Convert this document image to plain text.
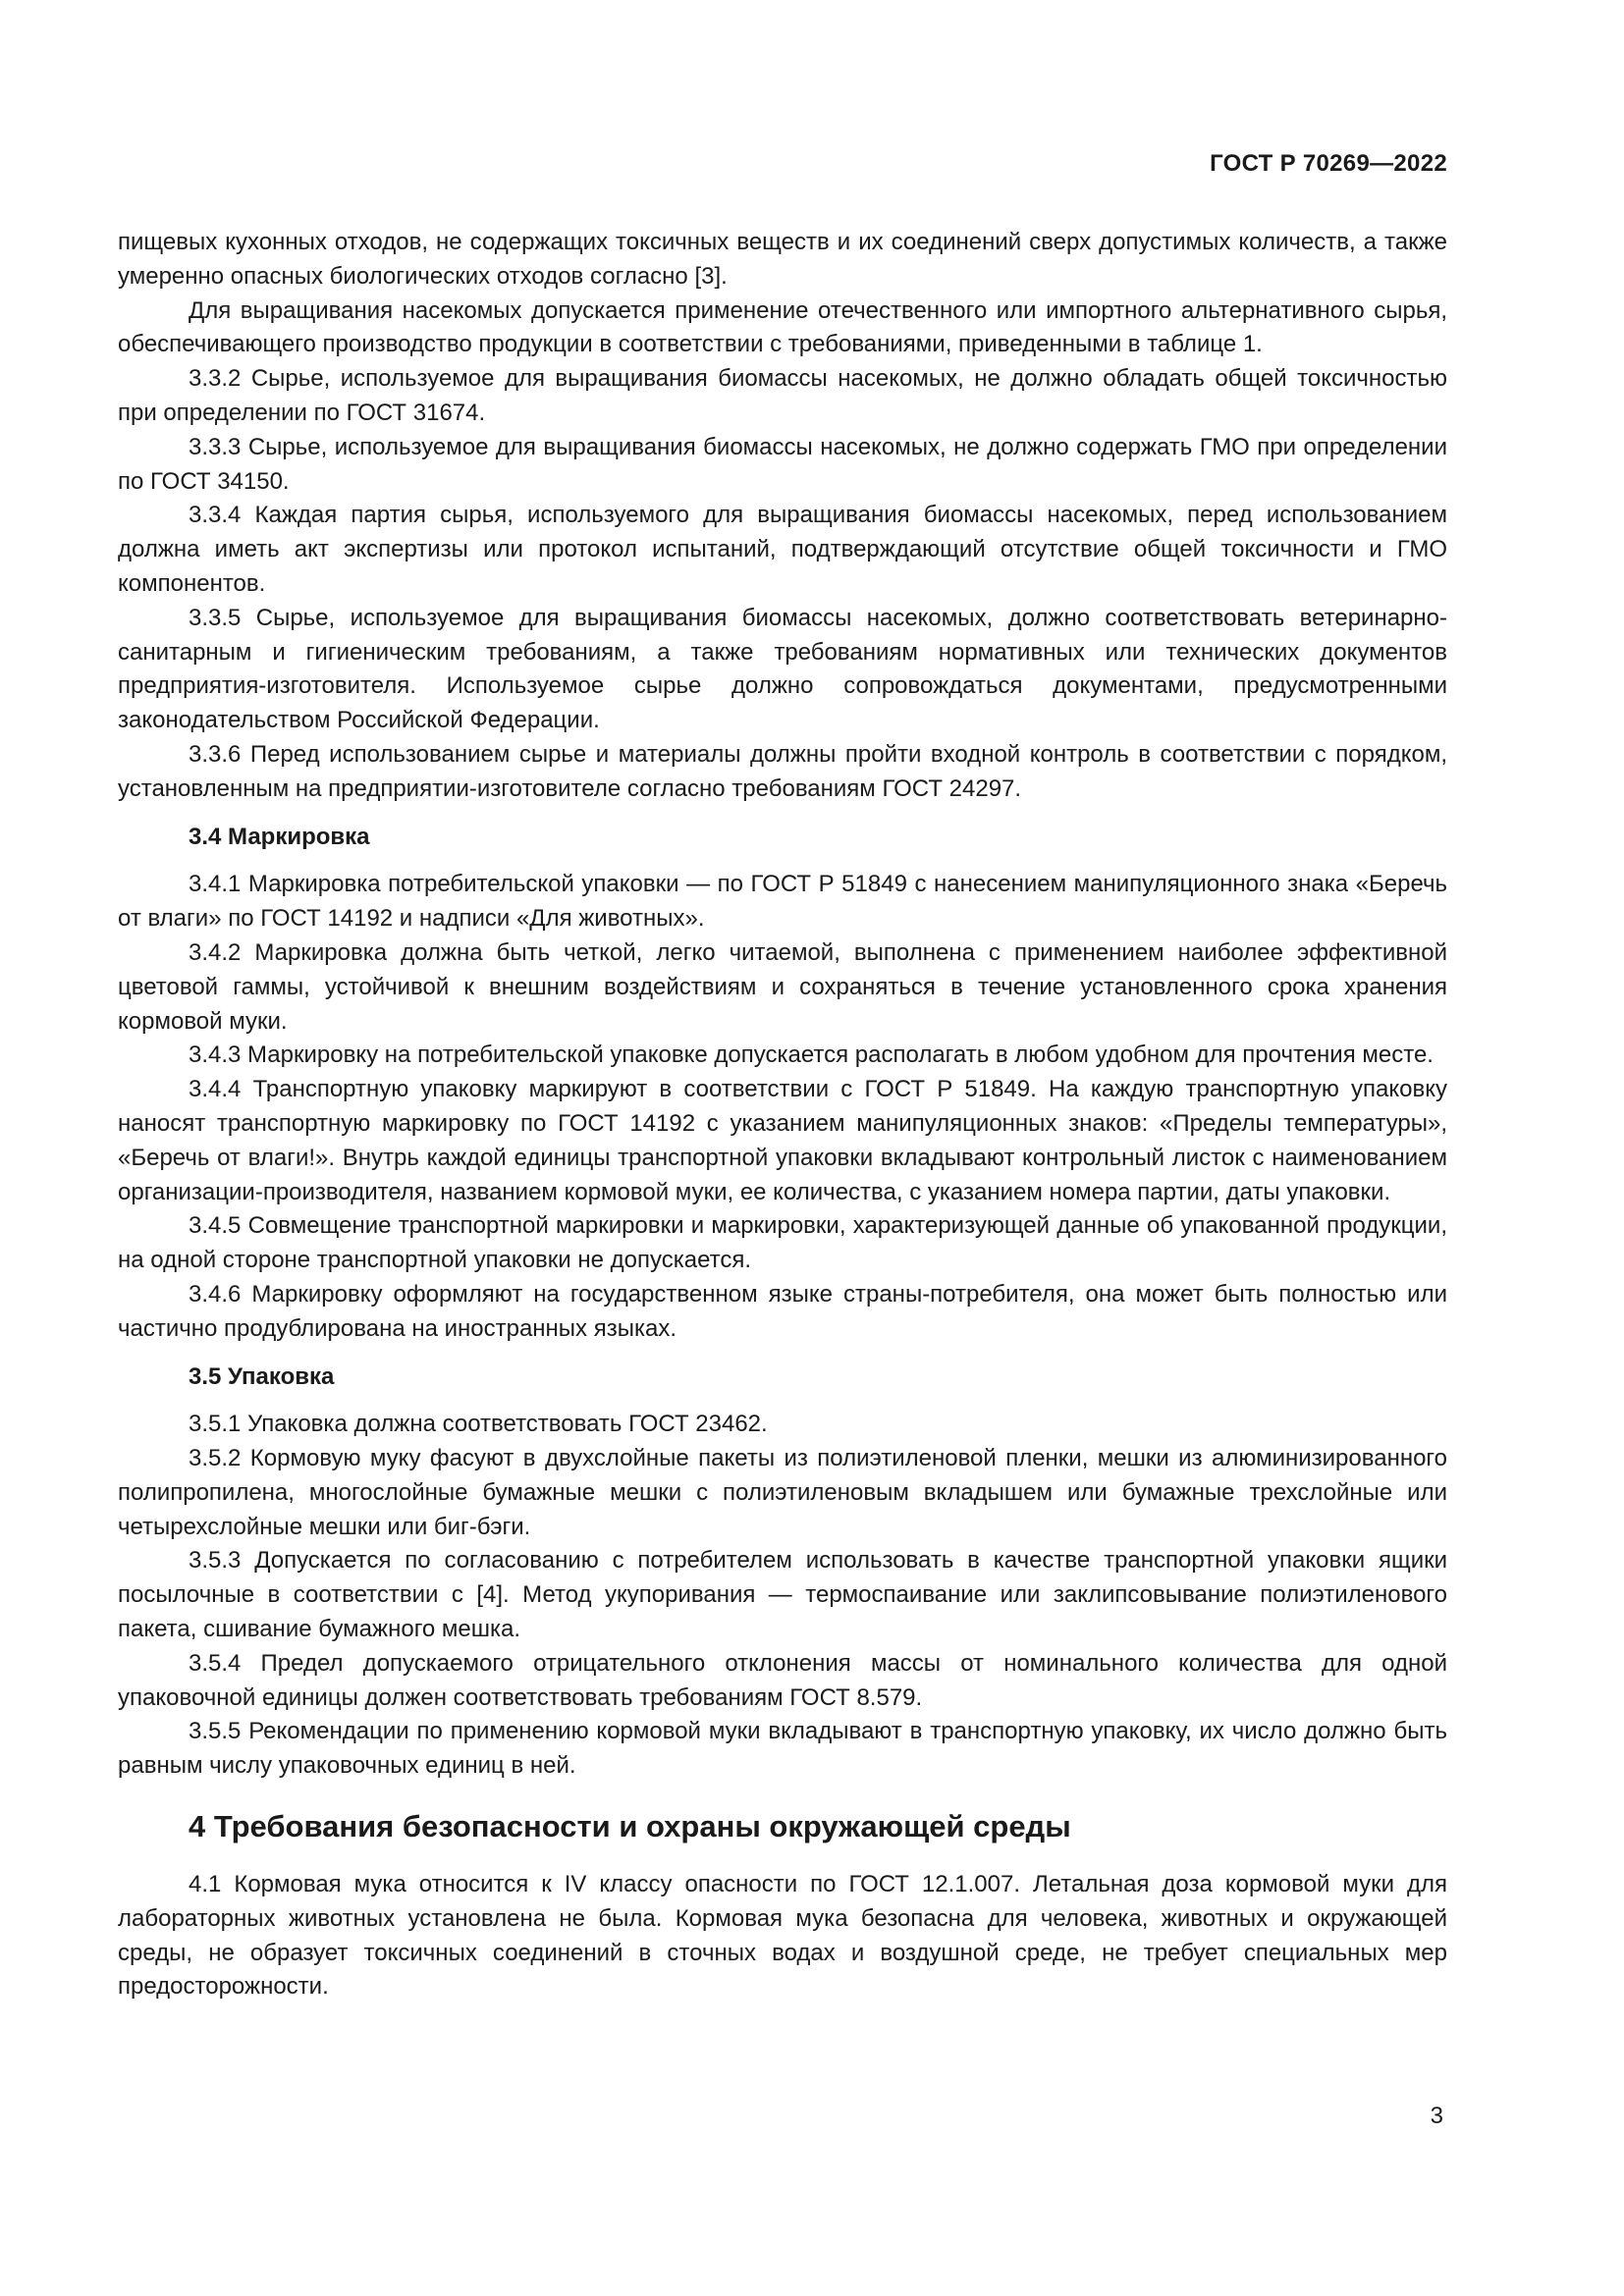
ГОСТ Р 70269—2022

пищевых кухонных отходов, не содержащих токсичных веществ и их соединений сверх допустимых количеств, а также умеренно опасных биологических отходов согласно [3].

Для выращивания насекомых допускается применение отечественного или импортного альтернативного сырья, обеспечивающего производство продукции в соответствии с требованиями, приведенными в таблице 1.

3.3.2 Сырье, используемое для выращивания биомассы насекомых, не должно обладать общей токсичностью при определении по ГОСТ 31674.

3.3.3 Сырье, используемое для выращивания биомассы насекомых, не должно содержать ГМО при определении по ГОСТ 34150.

3.3.4 Каждая партия сырья, используемого для выращивания биомассы насекомых, перед использованием должна иметь акт экспертизы или протокол испытаний, подтверждающий отсутствие общей токсичности и ГМО компонентов.

3.3.5 Сырье, используемое для выращивания биомассы насекомых, должно соответствовать ветеринарно-санитарным и гигиеническим требованиям, а также требованиям нормативных или технических документов предприятия-изготовителя. Используемое сырье должно сопровождаться документами, предусмотренными законодательством Российской Федерации.

3.3.6 Перед использованием сырье и материалы должны пройти входной контроль в соответствии с порядком, установленным на предприятии-изготовителе согласно требованиям ГОСТ 24297.

3.4 Маркировка

3.4.1 Маркировка потребительской упаковки — по ГОСТ Р 51849 с нанесением манипуляционного знака «Беречь от влаги» по ГОСТ 14192 и надписи «Для животных».

3.4.2 Маркировка должна быть четкой, легко читаемой, выполнена с применением наиболее эффективной цветовой гаммы, устойчивой к внешним воздействиям и сохраняться в течение установленного срока хранения кормовой муки.

3.4.3 Маркировку на потребительской упаковке допускается располагать в любом удобном для прочтения месте.

3.4.4 Транспортную упаковку маркируют в соответствии с ГОСТ Р 51849. На каждую транспортную упаковку наносят транспортную маркировку по ГОСТ 14192 с указанием манипуляционных знаков: «Пределы температуры», «Беречь от влаги!». Внутрь каждой единицы транспортной упаковки вкладывают контрольный листок с наименованием организации-производителя, названием кормовой муки, ее количества, с указанием номера партии, даты упаковки.

3.4.5 Совмещение транспортной маркировки и маркировки, характеризующей данные об упакованной продукции, на одной стороне транспортной упаковки не допускается.

3.4.6 Маркировку оформляют на государственном языке страны-потребителя, она может быть полностью или частично продублирована на иностранных языках.

3.5 Упаковка

3.5.1 Упаковка должна соответствовать ГОСТ 23462.

3.5.2 Кормовую муку фасуют в двухслойные пакеты из полиэтиленовой пленки, мешки из алюминизированного полипропилена, многослойные бумажные мешки с полиэтиленовым вкладышем или бумажные трехслойные или четырехслойные мешки или биг-бэги.

3.5.3 Допускается по согласованию с потребителем использовать в качестве транспортной упаковки ящики посылочные в соответствии с [4]. Метод укупоривания — термоспаивание или заклипсовывание полиэтиленового пакета, сшивание бумажного мешка.

3.5.4 Предел допускаемого отрицательного отклонения массы от номинального количества для одной упаковочной единицы должен соответствовать требованиям ГОСТ 8.579.

3.5.5 Рекомендации по применению кормовой муки вкладывают в транспортную упаковку, их число должно быть равным числу упаковочных единиц в ней.

4 Требования безопасности и охраны окружающей среды

4.1 Кормовая мука относится к IV классу опасности по ГОСТ 12.1.007. Летальная доза кормовой муки для лабораторных животных установлена не была. Кормовая мука безопасна для человека, животных и окружающей среды, не образует токсичных соединений в сточных водах и воздушной среде, не требует специальных мер предосторожности.

3
